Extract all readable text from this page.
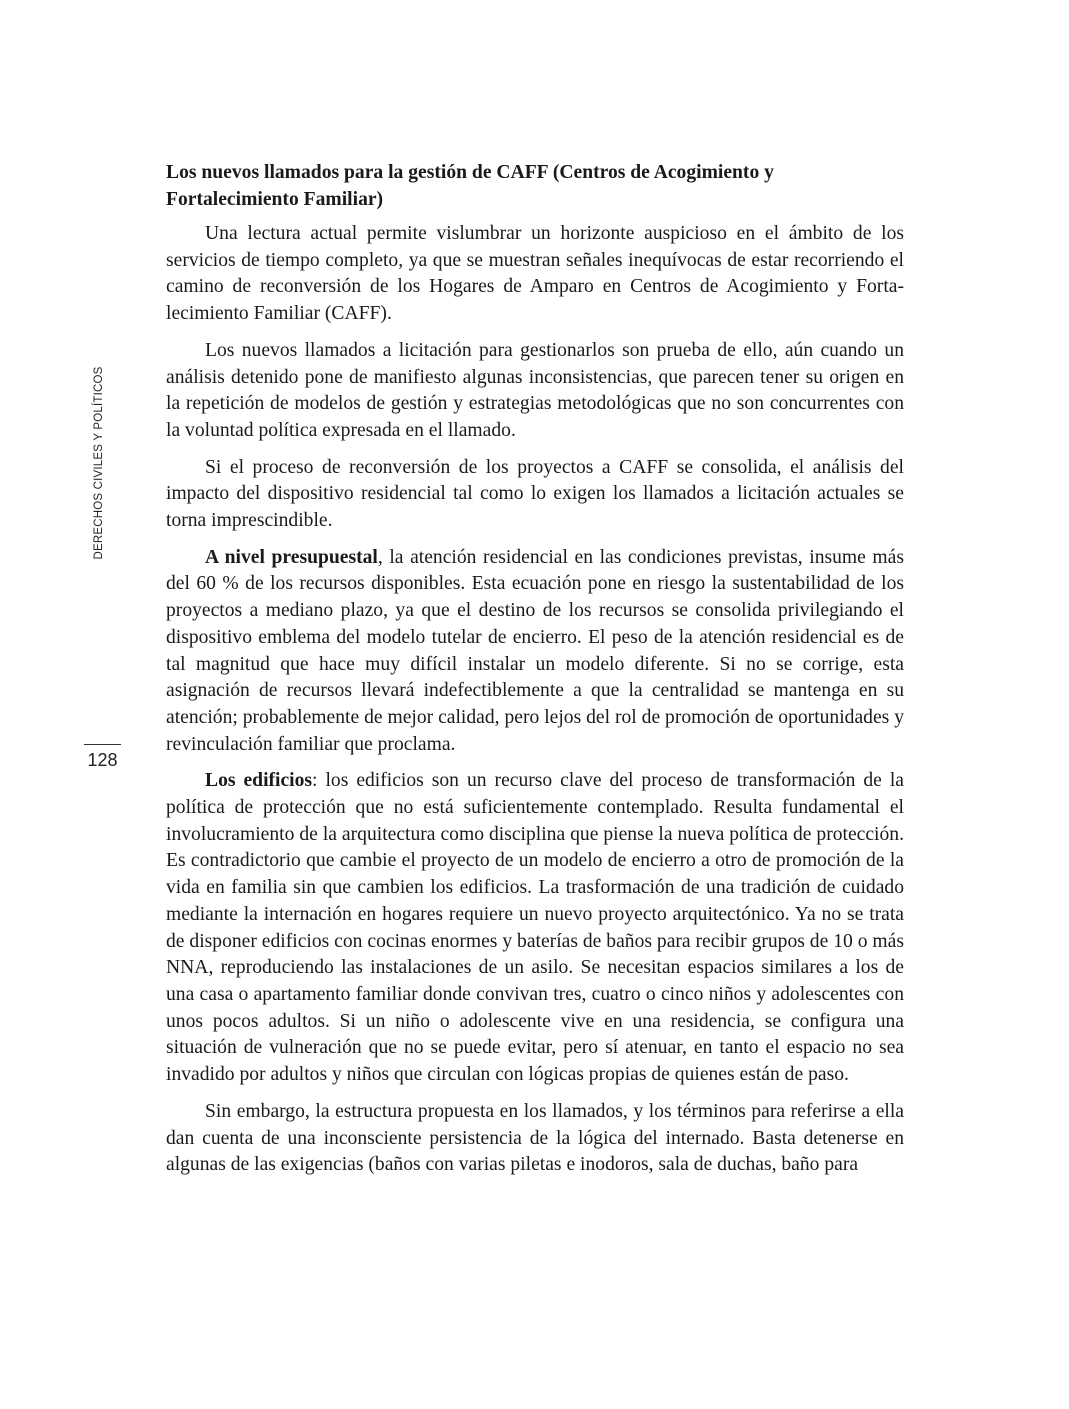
DERECHOS CIVILES Y POLÍTICOS
128
Los nuevos llamados para la gestión de CAFF (Centros de Acogimiento y Fortalecimiento Familiar)

Una lectura actual permite vislumbrar un horizonte auspicioso en el ámbito de los servicios de tiempo completo, ya que se muestran señales inequívocas de estar recorriendo el camino de reconversión de los Hogares de Amparo en Centros de Acogimiento y Fortalecimiento Familiar (CAFF).

Los nuevos llamados a licitación para gestionarlos son prueba de ello, aún cuando un análisis detenido pone de manifiesto algunas inconsistencias, que parecen tener su origen en la repetición de modelos de gestión y estrategias metodológicas que no son concurrentes con la voluntad política expresada en el llamado.

Si el proceso de reconversión de los proyectos a CAFF se consolida, el análisis del impacto del dispositivo residencial tal como lo exigen los llamados a licitación actuales se torna imprescindible.

A nivel presupuestal, la atención residencial en las condiciones previstas, insume más del 60 % de los recursos disponibles. Esta ecuación pone en riesgo la sustentabilidad de los proyectos a mediano plazo, ya que el destino de los recursos se consolida privilegiando el dispositivo emblema del modelo tutelar de encierro. El peso de la atención residencial es de tal magnitud que hace muy difícil instalar un modelo diferente. Si no se corrige, esta asignación de recursos llevará indefectiblemente a que la centralidad se mantenga en su atención; probablemente de mejor calidad, pero lejos del rol de promoción de oportunidades y revinculación familiar que proclama.

Los edificios: los edificios son un recurso clave del proceso de transformación de la política de protección que no está suficientemente contemplado. Resulta fundamental el involucramiento de la arquitectura como disciplina que piense la nueva política de protección. Es contradictorio que cambie el proyecto de un modelo de encierro a otro de promoción de la vida en familia sin que cambien los edificios. La trasformación de una tradición de cuidado mediante la internación en hogares requiere un nuevo proyecto arquitectónico. Ya no se trata de disponer edificios con cocinas enormes y baterías de baños para recibir grupos de 10 o más NNA, reproduciendo las instalaciones de un asilo. Se necesitan espacios similares a los de una casa o apartamento familiar donde convivan tres, cuatro o cinco niños y adolescentes con unos pocos adultos. Si un niño o adolescente vive en una residencia, se configura una situación de vulneración que no se puede evitar, pero sí atenuar, en tanto el espacio no sea invadido por adultos y niños que circulan con lógicas propias de quienes están de paso.

Sin embargo, la estructura propuesta en los llamados, y los términos para referirse a ella dan cuenta de una inconsciente persistencia de la lógica del internado. Basta detenerse en algunas de las exigencias (baños con varias piletas e inodoros, sala de duchas, baño para
